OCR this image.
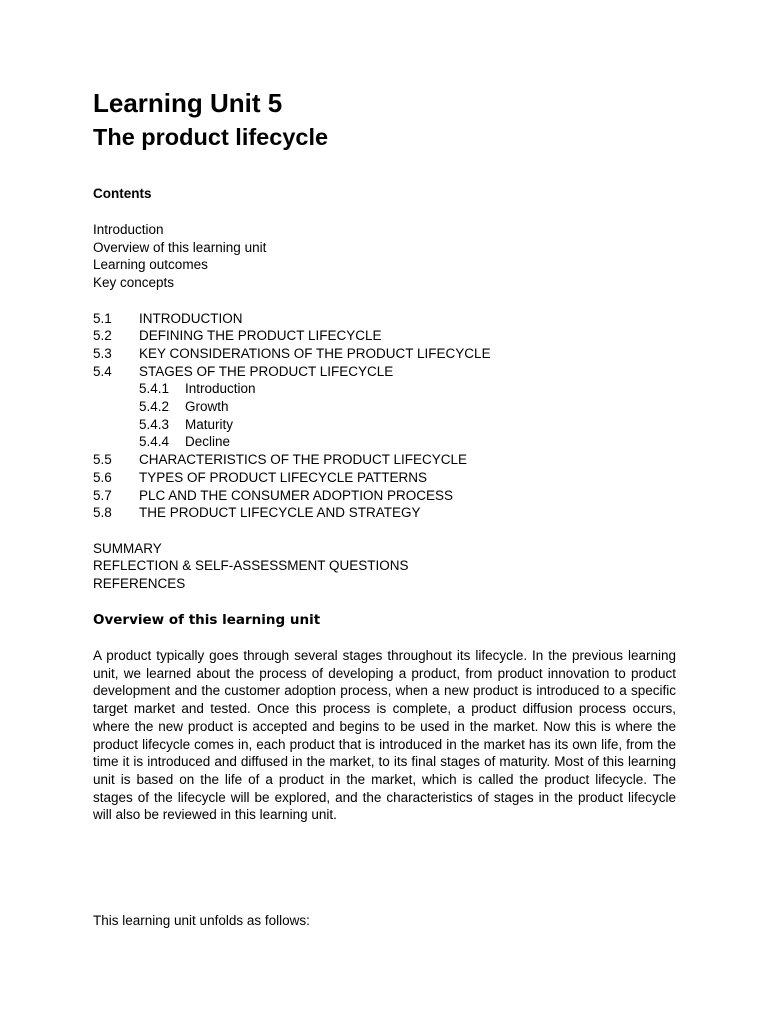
Learning Unit 5
The product lifecycle
Contents
Introduction
Overview of this learning unit
Learning outcomes
Key concepts
5.1 INTRODUCTION
5.2 DEFINING THE PRODUCT LIFECYCLE
5.3 KEY CONSIDERATIONS OF THE PRODUCT LIFECYCLE
5.4 STAGES OF THE PRODUCT LIFECYCLE
5.4.1 Introduction
5.4.2 Growth
5.4.3 Maturity
5.4.4 Decline
5.5 CHARACTERISTICS OF THE PRODUCT LIFECYCLE
5.6 TYPES OF PRODUCT LIFECYCLE PATTERNS
5.7 PLC AND THE CONSUMER ADOPTION PROCESS
5.8 THE PRODUCT LIFECYCLE AND STRATEGY
SUMMARY
REFLECTION & SELF-ASSESSMENT QUESTIONS
REFERENCES
Overview of this learning unit
A product typically goes through several stages throughout its lifecycle. In the previous learning unit, we learned about the process of developing a product, from product innovation to product development and the customer adoption process, when a new product is introduced to a specific target market and tested. Once this process is complete, a product diffusion process occurs, where the new product is accepted and begins to be used in the market. Now this is where the product lifecycle comes in, each product that is introduced in the market has its own life, from the time it is introduced and diffused in the market, to its final stages of maturity. Most of this learning unit is based on the life of a product in the market, which is called the product lifecycle. The stages of the lifecycle will be explored, and the characteristics of stages in the product lifecycle will also be reviewed in this learning unit.
This learning unit unfolds as follows:
